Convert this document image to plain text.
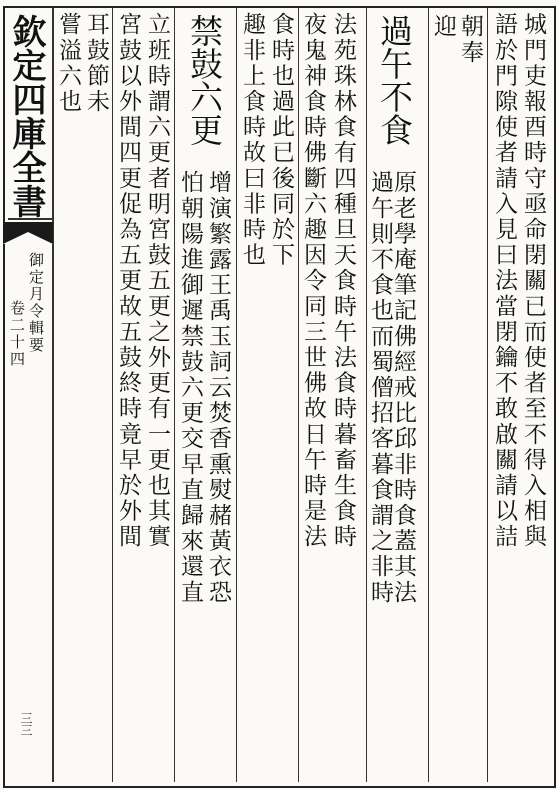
欽定四庫全書
御定月令輯要
卷二十四
三三
城門吏報酉時守亟命閉關已而使者至不得入相與
語於門隙使者請入見曰法當閉鑰不敢啟關請以詰
朝奉
迎
過午不食
原老學庵筆記佛經戒比邱非時食蓋其法
過午則不食也而蜀僧招客暮食謂之非時
法苑珠林食有四種旦天食時午法食時暮畜生食時
夜鬼神食時佛斷六趣因令同三世佛故日午時是法
食時也過此已後同於下
趣非上食時故曰非時也
禁鼓六更
增演繁露王禹玉詞云焚香熏熨赭黃衣恐
怕朝陽進御遲禁鼓六更交早直歸來還直
立班時謂六更者明宮鼓五更之外更有一更也其實
宮鼓以外間四更促為五更故五鼓終時竟早於外間
耳鼓節未
嘗溢六也
